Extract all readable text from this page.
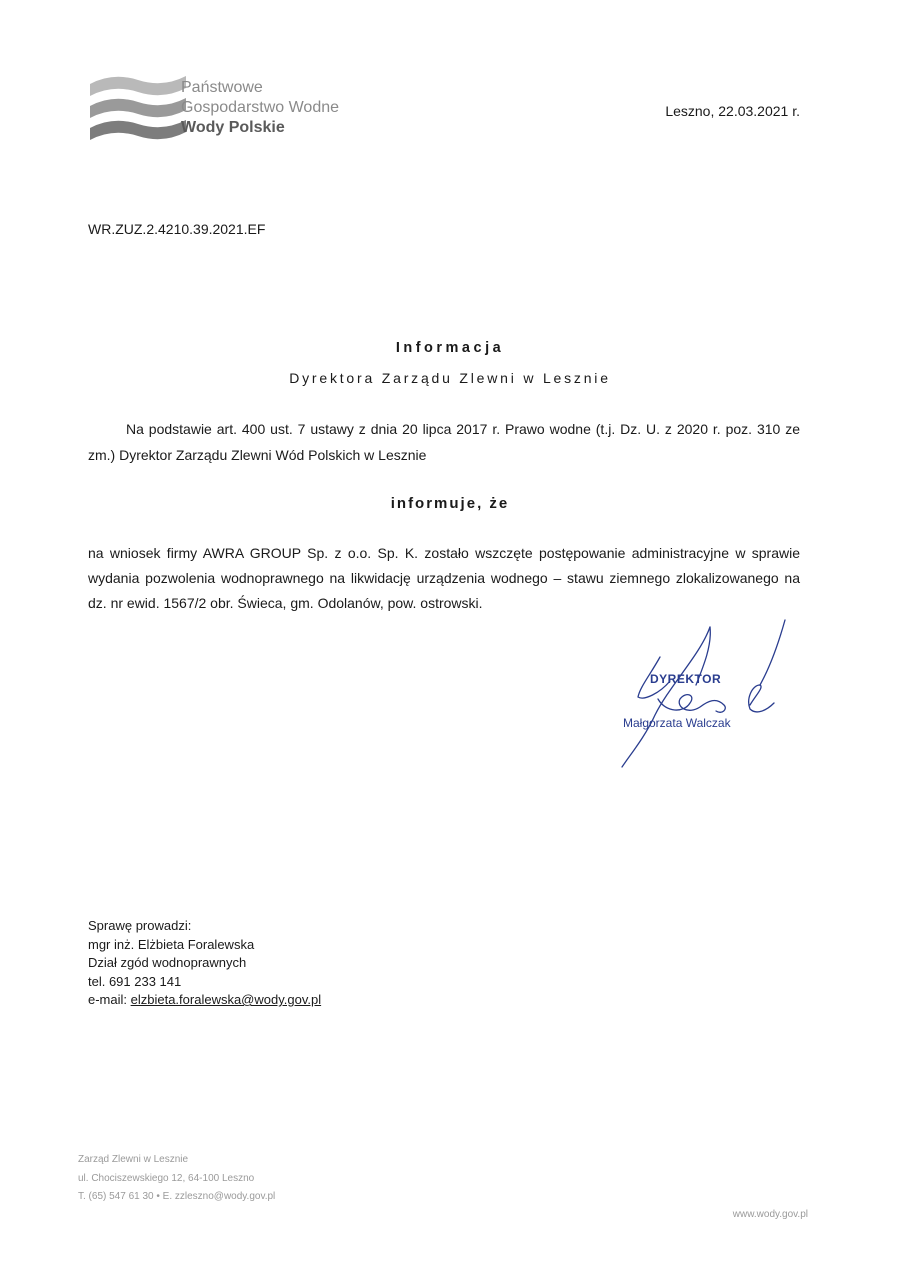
Państwowe
Gospodarstwo Wodne
Wody Polskie
Leszno, 22.03.2021 r.
WR.ZUZ.2.4210.39.2021.EF
Informacja
Dyrektora Zarządu Zlewni w Lesznie
Na podstawie art. 400 ust. 7 ustawy z dnia 20 lipca 2017 r. Prawo wodne (t.j. Dz. U. z 2020 r. poz. 310 ze zm.) Dyrektor Zarządu Zlewni Wód Polskich w Lesznie
informuje, że
na wniosek firmy AWRA GROUP Sp. z o.o. Sp. K. zostało wszczęte postępowanie administracyjne w sprawie wydania pozwolenia wodnoprawnego na likwidację urządzenia wodnego – stawu ziemnego zlokalizowanego na dz. nr ewid. 1567/2 obr. Świeca, gm. Odolanów, pow. ostrowski.
DYREKTOR
Małgorzata Walczak
Sprawę prowadzi:
mgr inż. Elżbieta Foralewska
Dział zgód wodnoprawnych
tel. 691 233 141
e-mail: elzbieta.foralewska@wody.gov.pl
Zarząd Zlewni w Lesznie
ul. Chociszewskiego 12, 64-100 Leszno
T. (65) 547 61 30 • E. zzleszno@wody.gov.pl
www.wody.gov.pl
